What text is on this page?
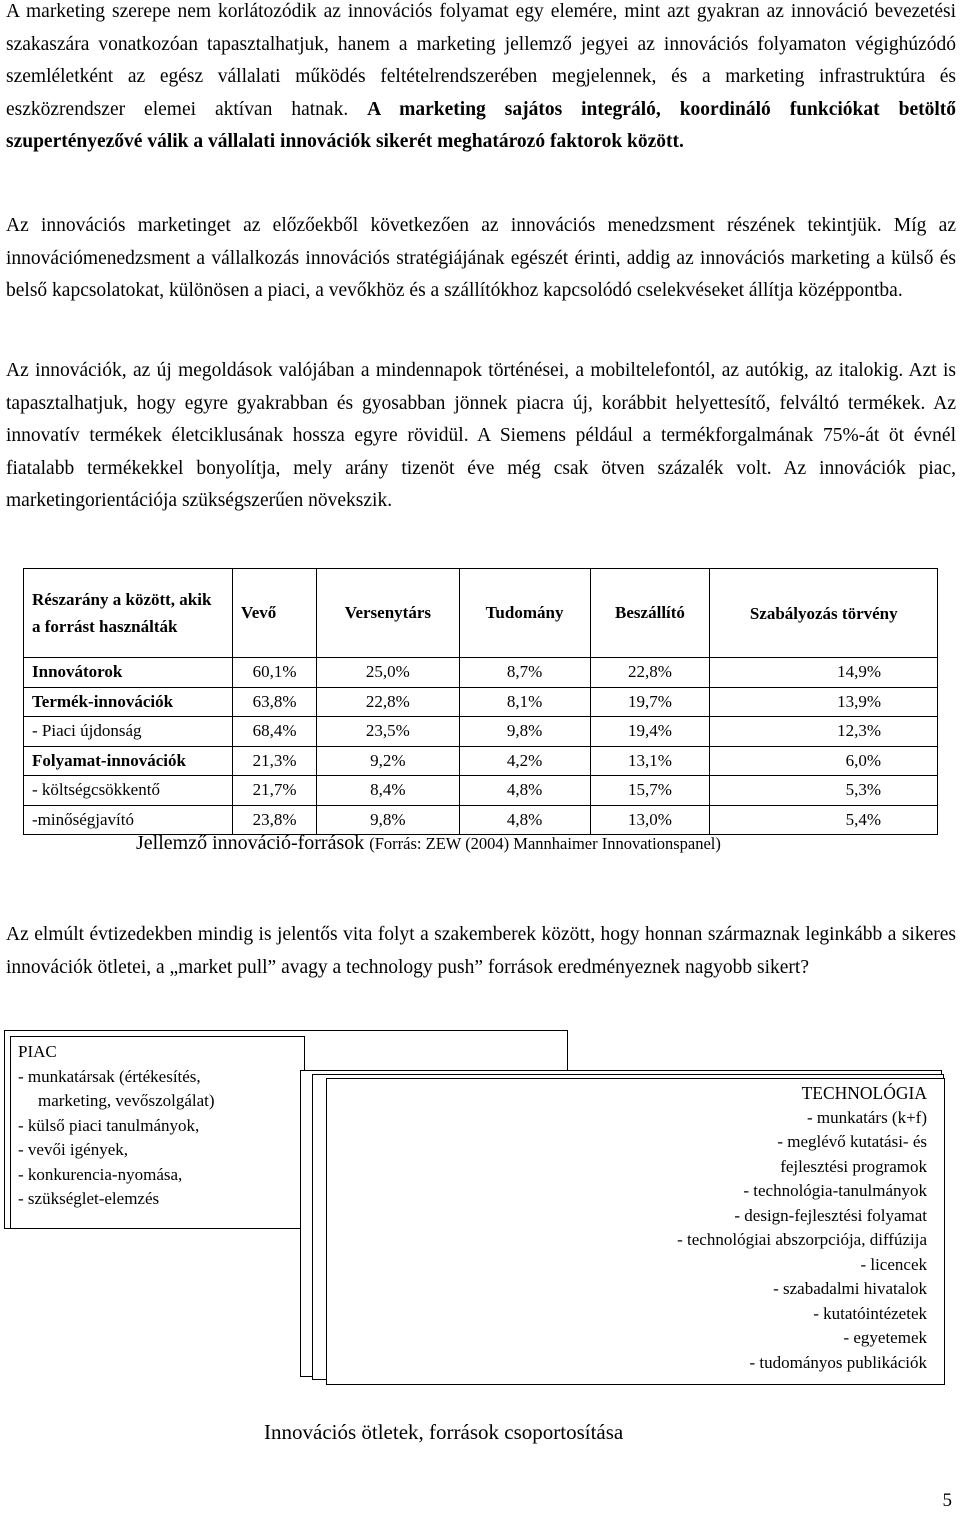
A marketing szerepe nem korlátozódik az innovációs folyamat egy elemére, mint azt gyakran az innováció bevezetési szakaszára vonatkozóan tapasztalhatjuk, hanem a marketing jellemző jegyei az innovációs folyamaton végighúzódó szemléletként az egész vállalati működés feltételrendszerében megjelennek, és a marketing infrastruktúra és eszközrendszer elemei aktívan hatnak. A marketing sajátos integráló, koordináló funkciókat betöltő szupertényezővé válik a vállalati innovációk sikerét meghatározó faktorok között.

Az innovációs marketinget az előzőekből következően az innovációs menedzsment részének tekintjük. Míg az innovációmenedzsment a vállalkozás innovációs stratégiájának egészét érinti, addig az innovációs marketing a külső és belső kapcsolatokat, különösen a piaci, a vevőkhöz és a szállítókhoz kapcsolódó cselekvéseket állítja középpontba.

Az innovációk, az új megoldások valójában a mindennapok történései, a mobiltelefontól, az autókig, az italokig. Azt is tapasztalhatjuk, hogy egyre gyakrabban és gyosabban jönnek piacra új, korábbit helyettesítő, felváltó termékek. Az innovatív termékek életciklusának hossza egyre rövidül. A Siemens például a termékforgalmának 75%-át öt évnél fiatalabb termékekkel bonyolítja, mely arány tizenöt éve még csak ötven százalék volt. Az innovációk piac, marketingorientációja szükségszerűen növekszik.

Részarány a között, akik a forrást használták	Vevő	Versenytárs	Tudomány	Beszállító	Szabályozás törvény
Innovátorok	60,1%	25,0%	8,7%	22,8%	14,9%
Termék-innovációk	63,8%	22,8%	8,1%	19,7%	13,9%
- Piaci újdonság	68,4%	23,5%	9,8%	19,4%	12,3%
Folyamat-innovációk	21,3%	9,2%	4,2%	13,1%	6,0%
- költségcsökkentő	21,7%	8,4%	4,8%	15,7%	5,3%
-minőségjavító	23,8%	9,8%	4,8%	13,0%	5,4%
Jellemző innováció-források (Forrás: ZEW (2004) Mannhaimer Innovationspanel)

Az elmúlt évtizedekben mindig is jelentős vita folyt a szakemberek között, hogy honnan származnak leginkább a sikeres innovációk ötletei, a „market pull” avagy a technology push” források eredményeznek nagyobb sikert?

PIAC
- munkatársak (értékesítés,
marketing, vevőszolgálat)
- külső piaci tanulmányok,
- vevői igények,
- konkurencia-nyomása,
- szükséglet-elemzés
TECHNOLÓGIA
- munkatárs (k+f)
- meglévő kutatási- és
fejlesztési programok
- technológia-tanulmányok
- design-fejlesztési folyamat
- technológiai abszorpciója, diffúzija
- licencek
- szabadalmi hivatalok
- kutatóintézetek
- egyetemek
- tudományos publikációk
Innovációs ötletek, források csoportosítása
5
